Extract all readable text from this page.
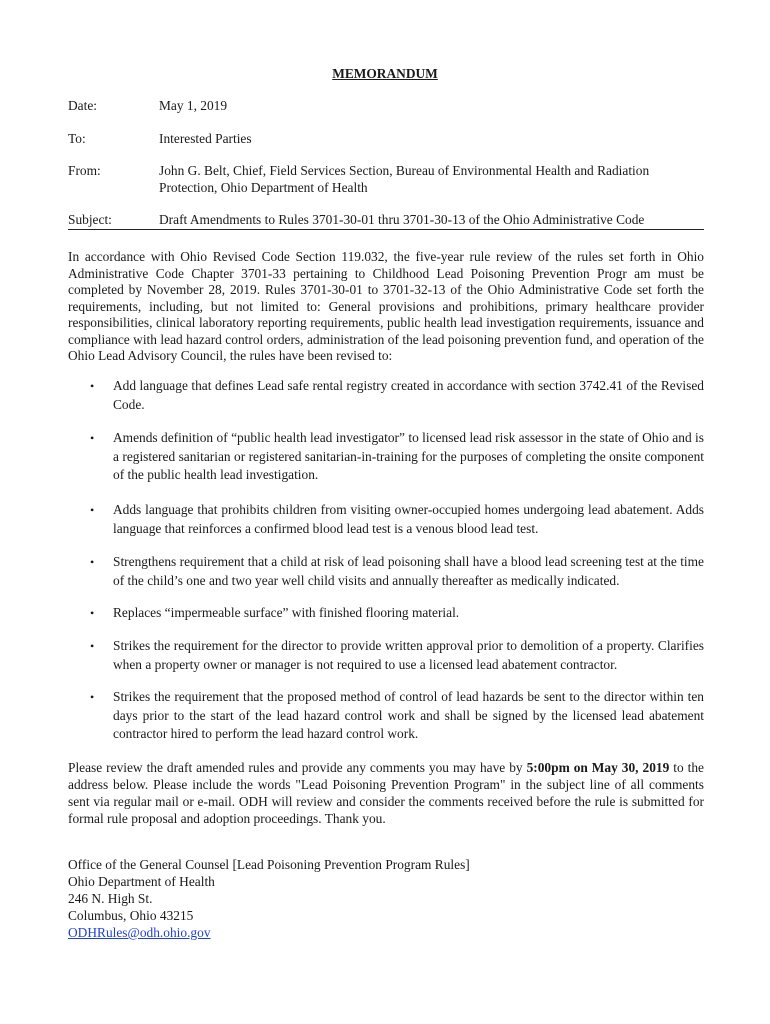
MEMORANDUM
Date:	May 1, 2019
To:	Interested Parties
From:	John G. Belt, Chief, Field Services Section, Bureau of Environmental Health and Radiation Protection, Ohio Department of Health
Subject:	Draft Amendments to Rules 3701-30-01 thru 3701-30-13 of the Ohio Administrative Code
In accordance with Ohio Revised Code Section 119.032, the five-year rule review of the rules set forth in Ohio Administrative Code Chapter 3701-33 pertaining to Childhood Lead Poisoning Prevention Progr am must be completed by November 28, 2019. Rules 3701-30-01 to 3701-32-13 of the Ohio Administrative Code set forth the requirements, including, but not limited to: General provisions and prohibitions, primary healthcare provider responsibilities, clinical laboratory reporting requirements, public health lead investigation requirements, issuance and compliance with lead hazard control orders, administration of the lead poisoning prevention fund, and operation of the Ohio Lead Advisory Council, the rules have been revised to:
• Add language that defines Lead safe rental registry created in accordance with section 3742.41 of the Revised Code.
• Amends definition of “public health lead investigator” to licensed lead risk assessor in the state of Ohio and is a registered sanitarian or registered sanitarian-in-training for the purposes of completing the onsite component of the public health lead investigation.
• Adds language that prohibits children from visiting owner-occupied homes undergoing lead abatement. Adds language that reinforces a confirmed blood lead test is a venous blood lead test.
• Strengthens requirement that a child at risk of lead poisoning shall have a blood lead screening test at the time of the child’s one and two year well child visits and annually thereafter as medically indicated.
• Replaces “impermeable surface” with finished flooring material.
• Strikes the requirement for the director to provide written approval prior to demolition of a property. Clarifies when a property owner or manager is not required to use a licensed lead abatement contractor.
• Strikes the requirement that the proposed method of control of lead hazards be sent to the director within ten days prior to the start of the lead hazard control work and shall be signed by the licensed lead abatement contractor hired to perform the lead hazard control work.
Please review the draft amended rules and provide any comments you may have by 5:00pm on May 30, 2019 to the address below. Please include the words "Lead Poisoning Prevention Program" in the subject line of all comments sent via regular mail or e-mail. ODH will review and consider the comments received before the rule is submitted for formal rule proposal and adoption proceedings. Thank you.
Office of the General Counsel [Lead Poisoning Prevention Program Rules]
Ohio Department of Health
246 N. High St.
Columbus, Ohio 43215
ODHRules@odh.ohio.gov
